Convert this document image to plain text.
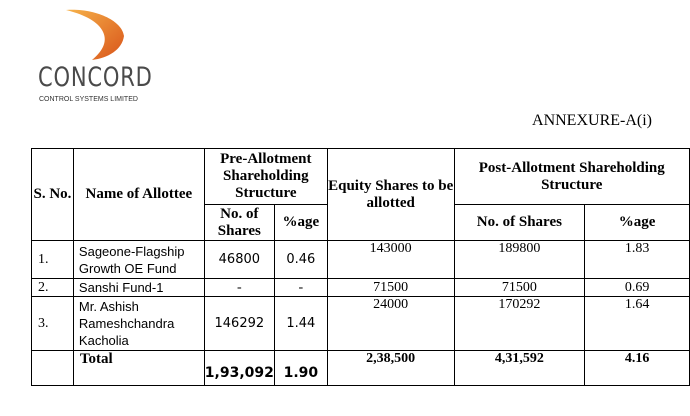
CONCORD
CONTROL SYSTEMS LIMITED
ANNEXURE-A(i)
S. No.	Name of Allottee	Pre-Allotment Shareholding Structure		Equity Shares to be allotted	Post-Allotment Shareholding Structure	
		No. of Shares	%age		No. of Shares	%age
1.	Sageone-Flagship Growth OE Fund	46800	0.46	143000	189800	1.83
2.	Sanshi Fund-1	-	-	71500	71500	0.69
3.	Mr. Ashish Rameshchandra Kacholia	146292	1.44	24000	170292	1.64
	Total	1,93,092	1.90	2,38,500	4,31,592	4.16
